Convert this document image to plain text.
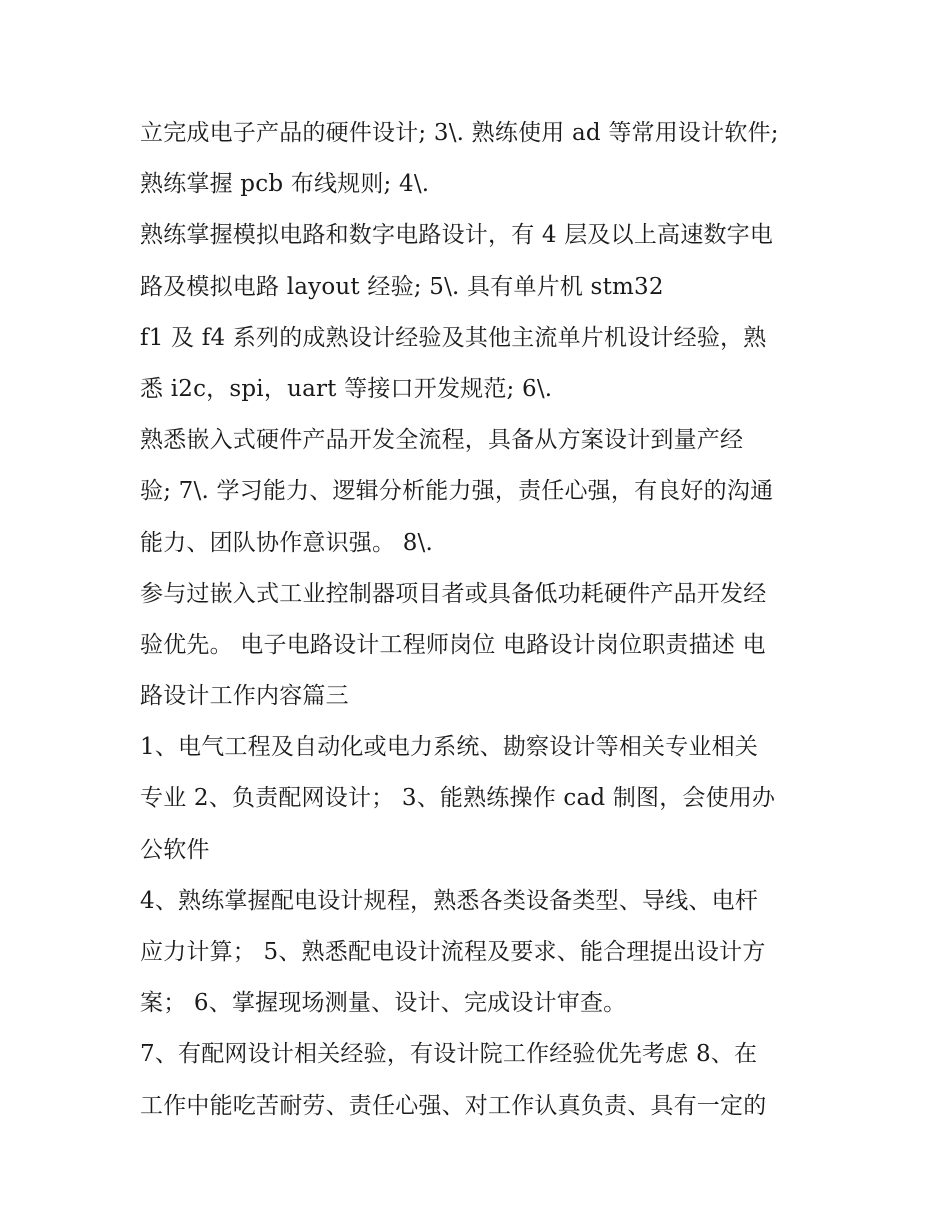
立完成电子产品的硬件设计; 3\. 熟练使用 ad 等常用设计软件;
熟练掌握 pcb 布线规则; 4\.
熟练掌握模拟电路和数字电路设计，有 4 层及以上高速数字电
路及模拟电路 layout 经验; 5\. 具有单片机 stm32
f1 及 f4 系列的成熟设计经验及其他主流单片机设计经验，熟
悉 i2c，spi，uart 等接口开发规范; 6\.
熟悉嵌入式硬件产品开发全流程，具备从方案设计到量产经
验; 7\. 学习能力、逻辑分析能力强，责任心强，有良好的沟通
能力、团队协作意识强。 8\.
参与过嵌入式工业控制器项目者或具备低功耗硬件产品开发经
验优先。 电子电路设计工程师岗位 电路设计岗位职责描述 电
路设计工作内容篇三
1、电气工程及自动化或电力系统、勘察设计等相关专业相关
专业 2、负责配网设计； 3、能熟练操作 cad 制图，会使用办
公软件
4、熟练掌握配电设计规程，熟悉各类设备类型、导线、电杆
应力计算； 5、熟悉配电设计流程及要求、能合理提出设计方
案； 6、掌握现场测量、设计、完成设计审查。
7、有配网设计相关经验，有设计院工作经验优先考虑 8、在
工作中能吃苦耐劳、责任心强、对工作认真负责、具有一定的
